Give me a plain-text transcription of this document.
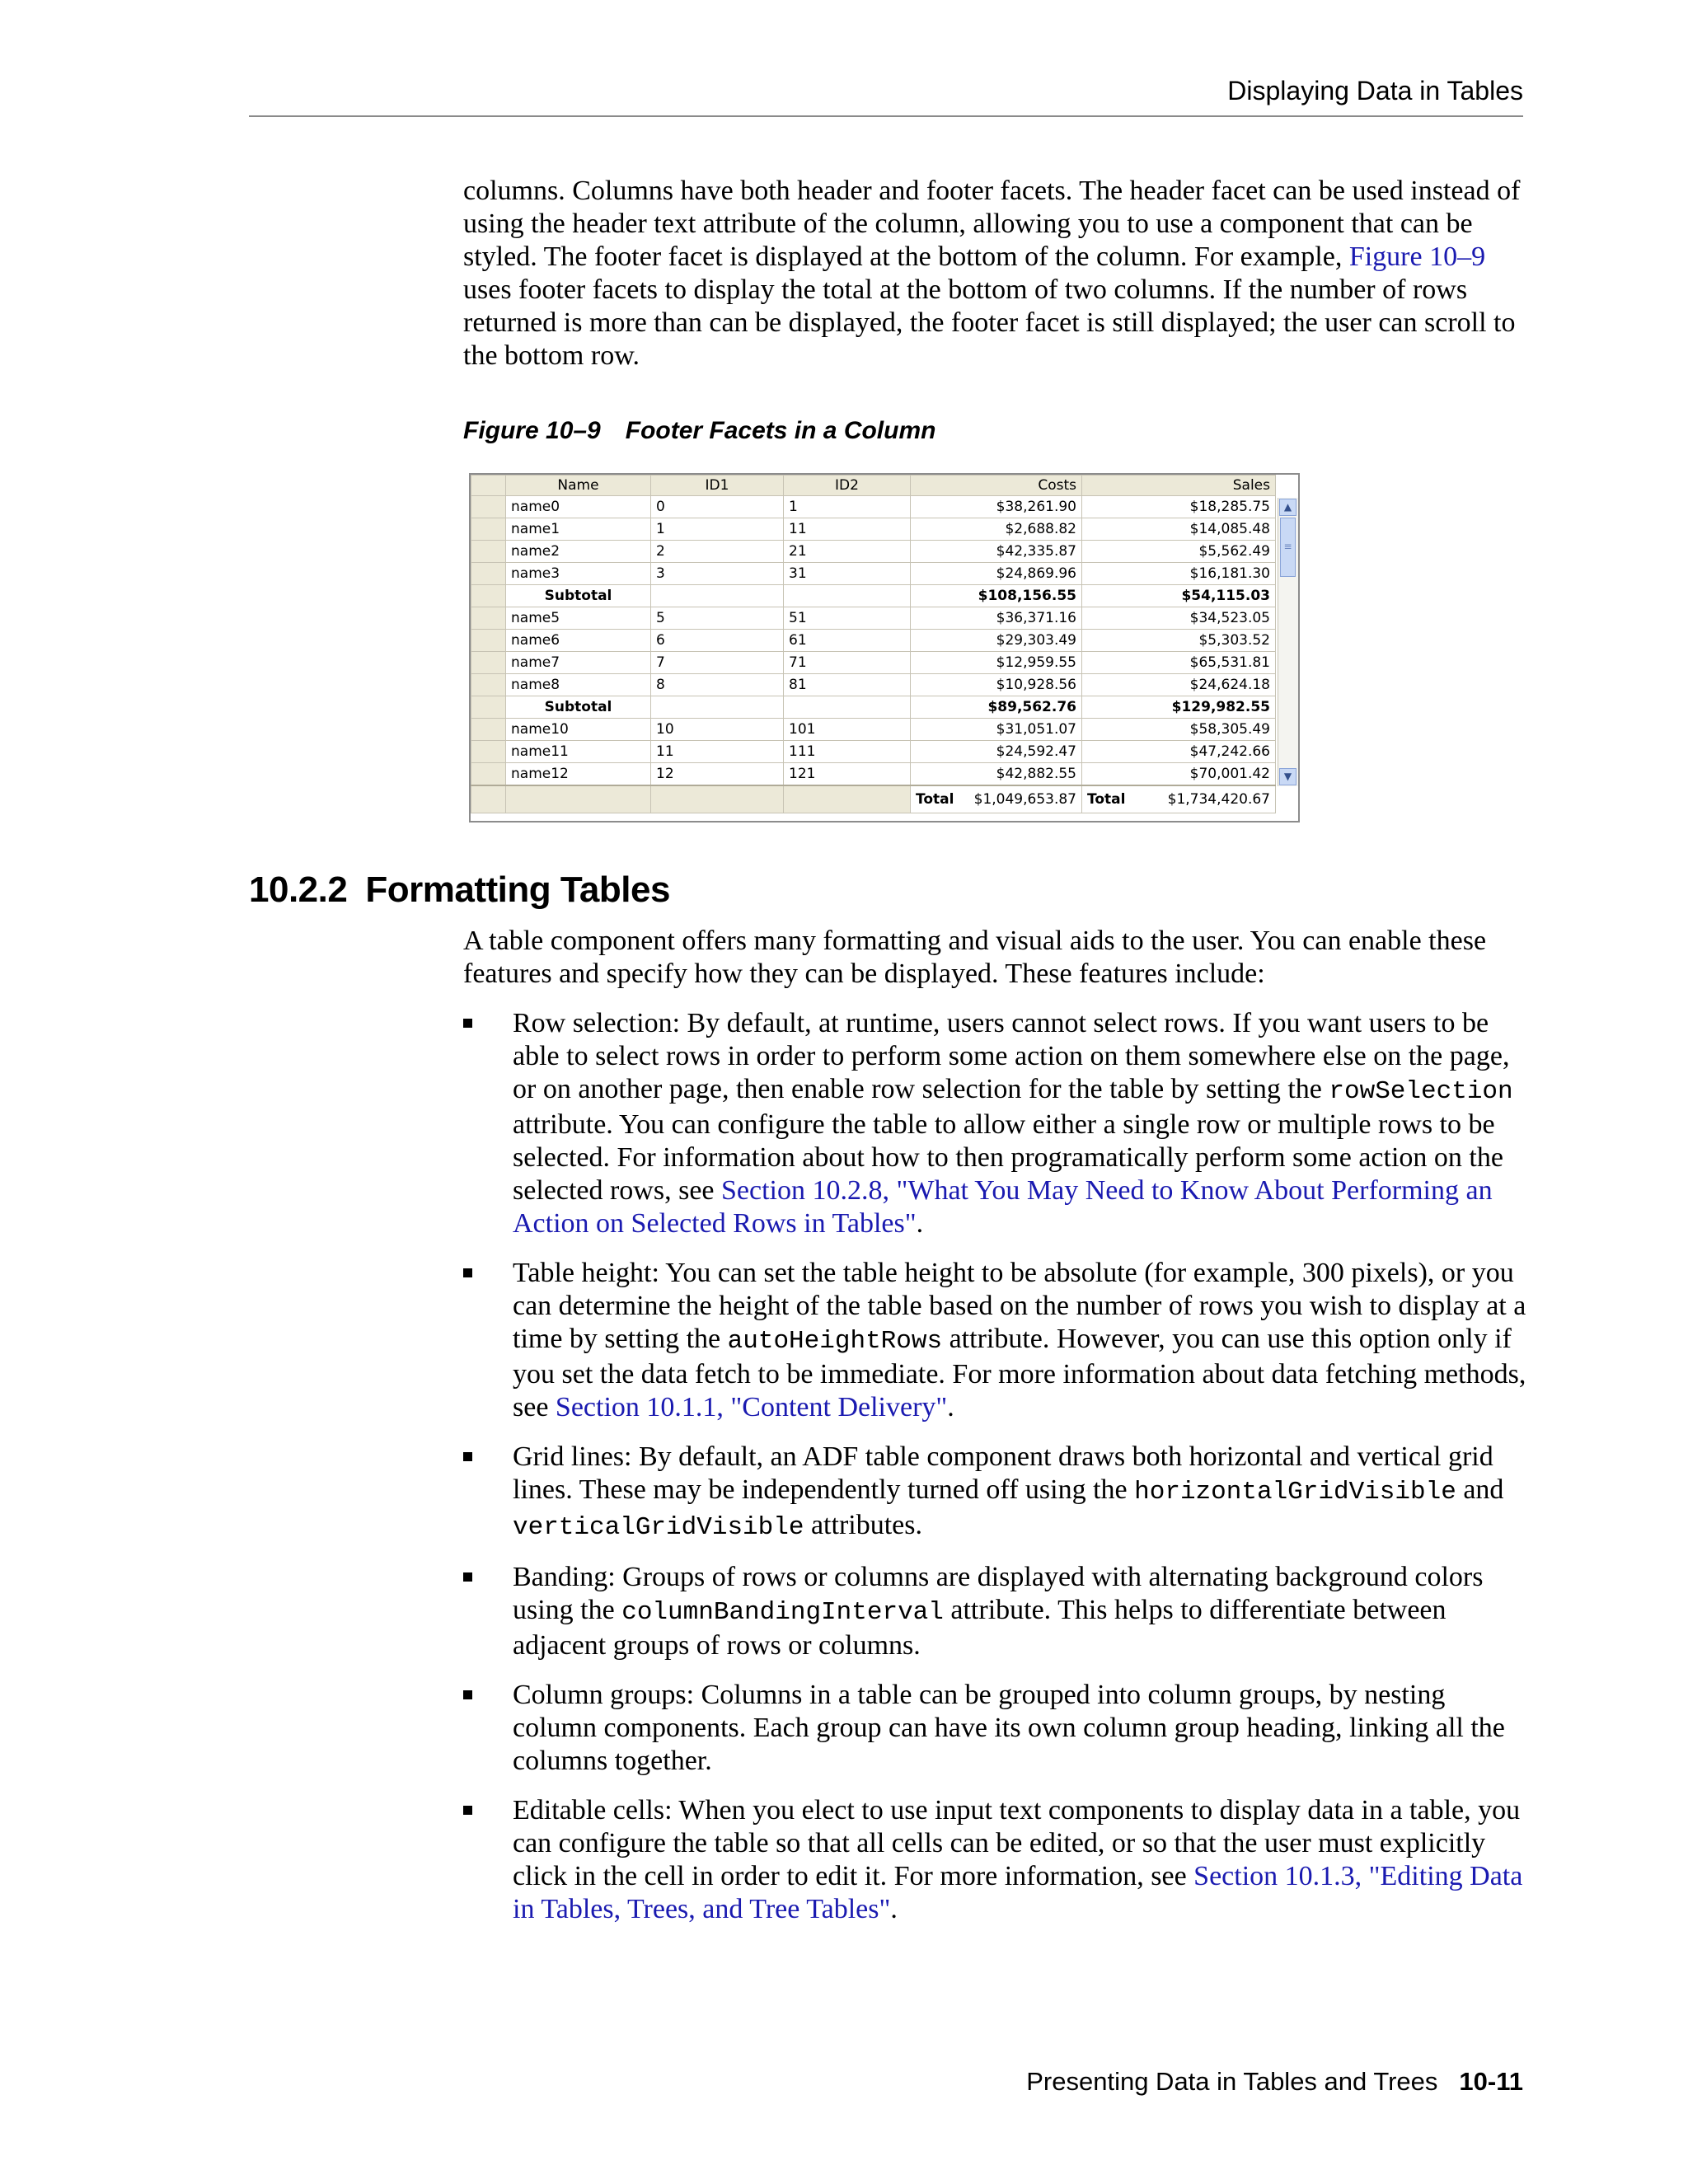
Displaying Data in Tables

columns. Columns have both header and footer facets. The header facet can be used instead of using the header text attribute of the column, allowing you to use a component that can be styled. The footer facet is displayed at the bottom of the column. For example, Figure 10–9 uses footer facets to display the total at the bottom of two columns. If the number of rows returned is more than can be displayed, the footer facet is still displayed; the user can scroll to the bottom row.

Figure 10–9 Footer Facets in a Column
	Name	ID1	ID2	Costs	Sales
	name0	0	1	$38,261.90	$18,285.75
	name1	1	11	$2,688.82	$14,085.48
	name2	2	21	$42,335.87	$5,562.49
	name3	3	31	$24,869.96	$16,181.30
	Subtotal			$108,156.55	$54,115.03
	name5	5	51	$36,371.16	$34,523.05
	name6	6	61	$29,303.49	$5,303.52
	name7	7	71	$12,959.55	$65,531.81
	name8	8	81	$10,928.56	$24,624.18
	Subtotal			$89,562.76	$129,982.55
	name10	10	101	$31,051.07	$58,305.49
	name11	11	111	$24,592.47	$47,242.66
	name12	12	121	$42,882.55	$70,001.42

				Total $1,049,653.87	Total $1,734,420.67
▲
≡
▼
10.2.2 Formatting Tables

A table component offers many formatting and visual aids to the user. You can enable these features and specify how they can be displayed. These features include:

Row selection: By default, at runtime, users cannot select rows. If you want users to be able to select rows in order to perform some action on them somewhere else on the page, or on another page, then enable row selection for the table by setting the rowSelection attribute. You can configure the table to allow either a single row or multiple rows to be selected. For information about how to then programatically perform some action on the selected rows, see Section 10.2.8, "What You May Need to Know About Performing an Action on Selected Rows in Tables".
Table height: You can set the table height to be absolute (for example, 300 pixels), or you can determine the height of the table based on the number of rows you wish to display at a time by setting the autoHeightRows attribute. However, you can use this option only if you set the data fetch to be immediate. For more information about data fetching methods, see Section 10.1.1, "Content Delivery".
Grid lines: By default, an ADF table component draws both horizontal and vertical grid lines. These may be independently turned off using the horizontalGridVisible and verticalGridVisible attributes.
Banding: Groups of rows or columns are displayed with alternating background colors using the columnBandingInterval attribute. This helps to differentiate between adjacent groups of rows or columns.
Column groups: Columns in a table can be grouped into column groups, by nesting column components. Each group can have its own column group heading, linking all the columns together.
Editable cells: When you elect to use input text components to display data in a table, you can configure the table so that all cells can be edited, or so that the user must explicitly click in the cell in order to edit it. For more information, see Section 10.1.3, "Editing Data in Tables, Trees, and Tree Tables".
Presenting Data in Tables and Trees 10-11
